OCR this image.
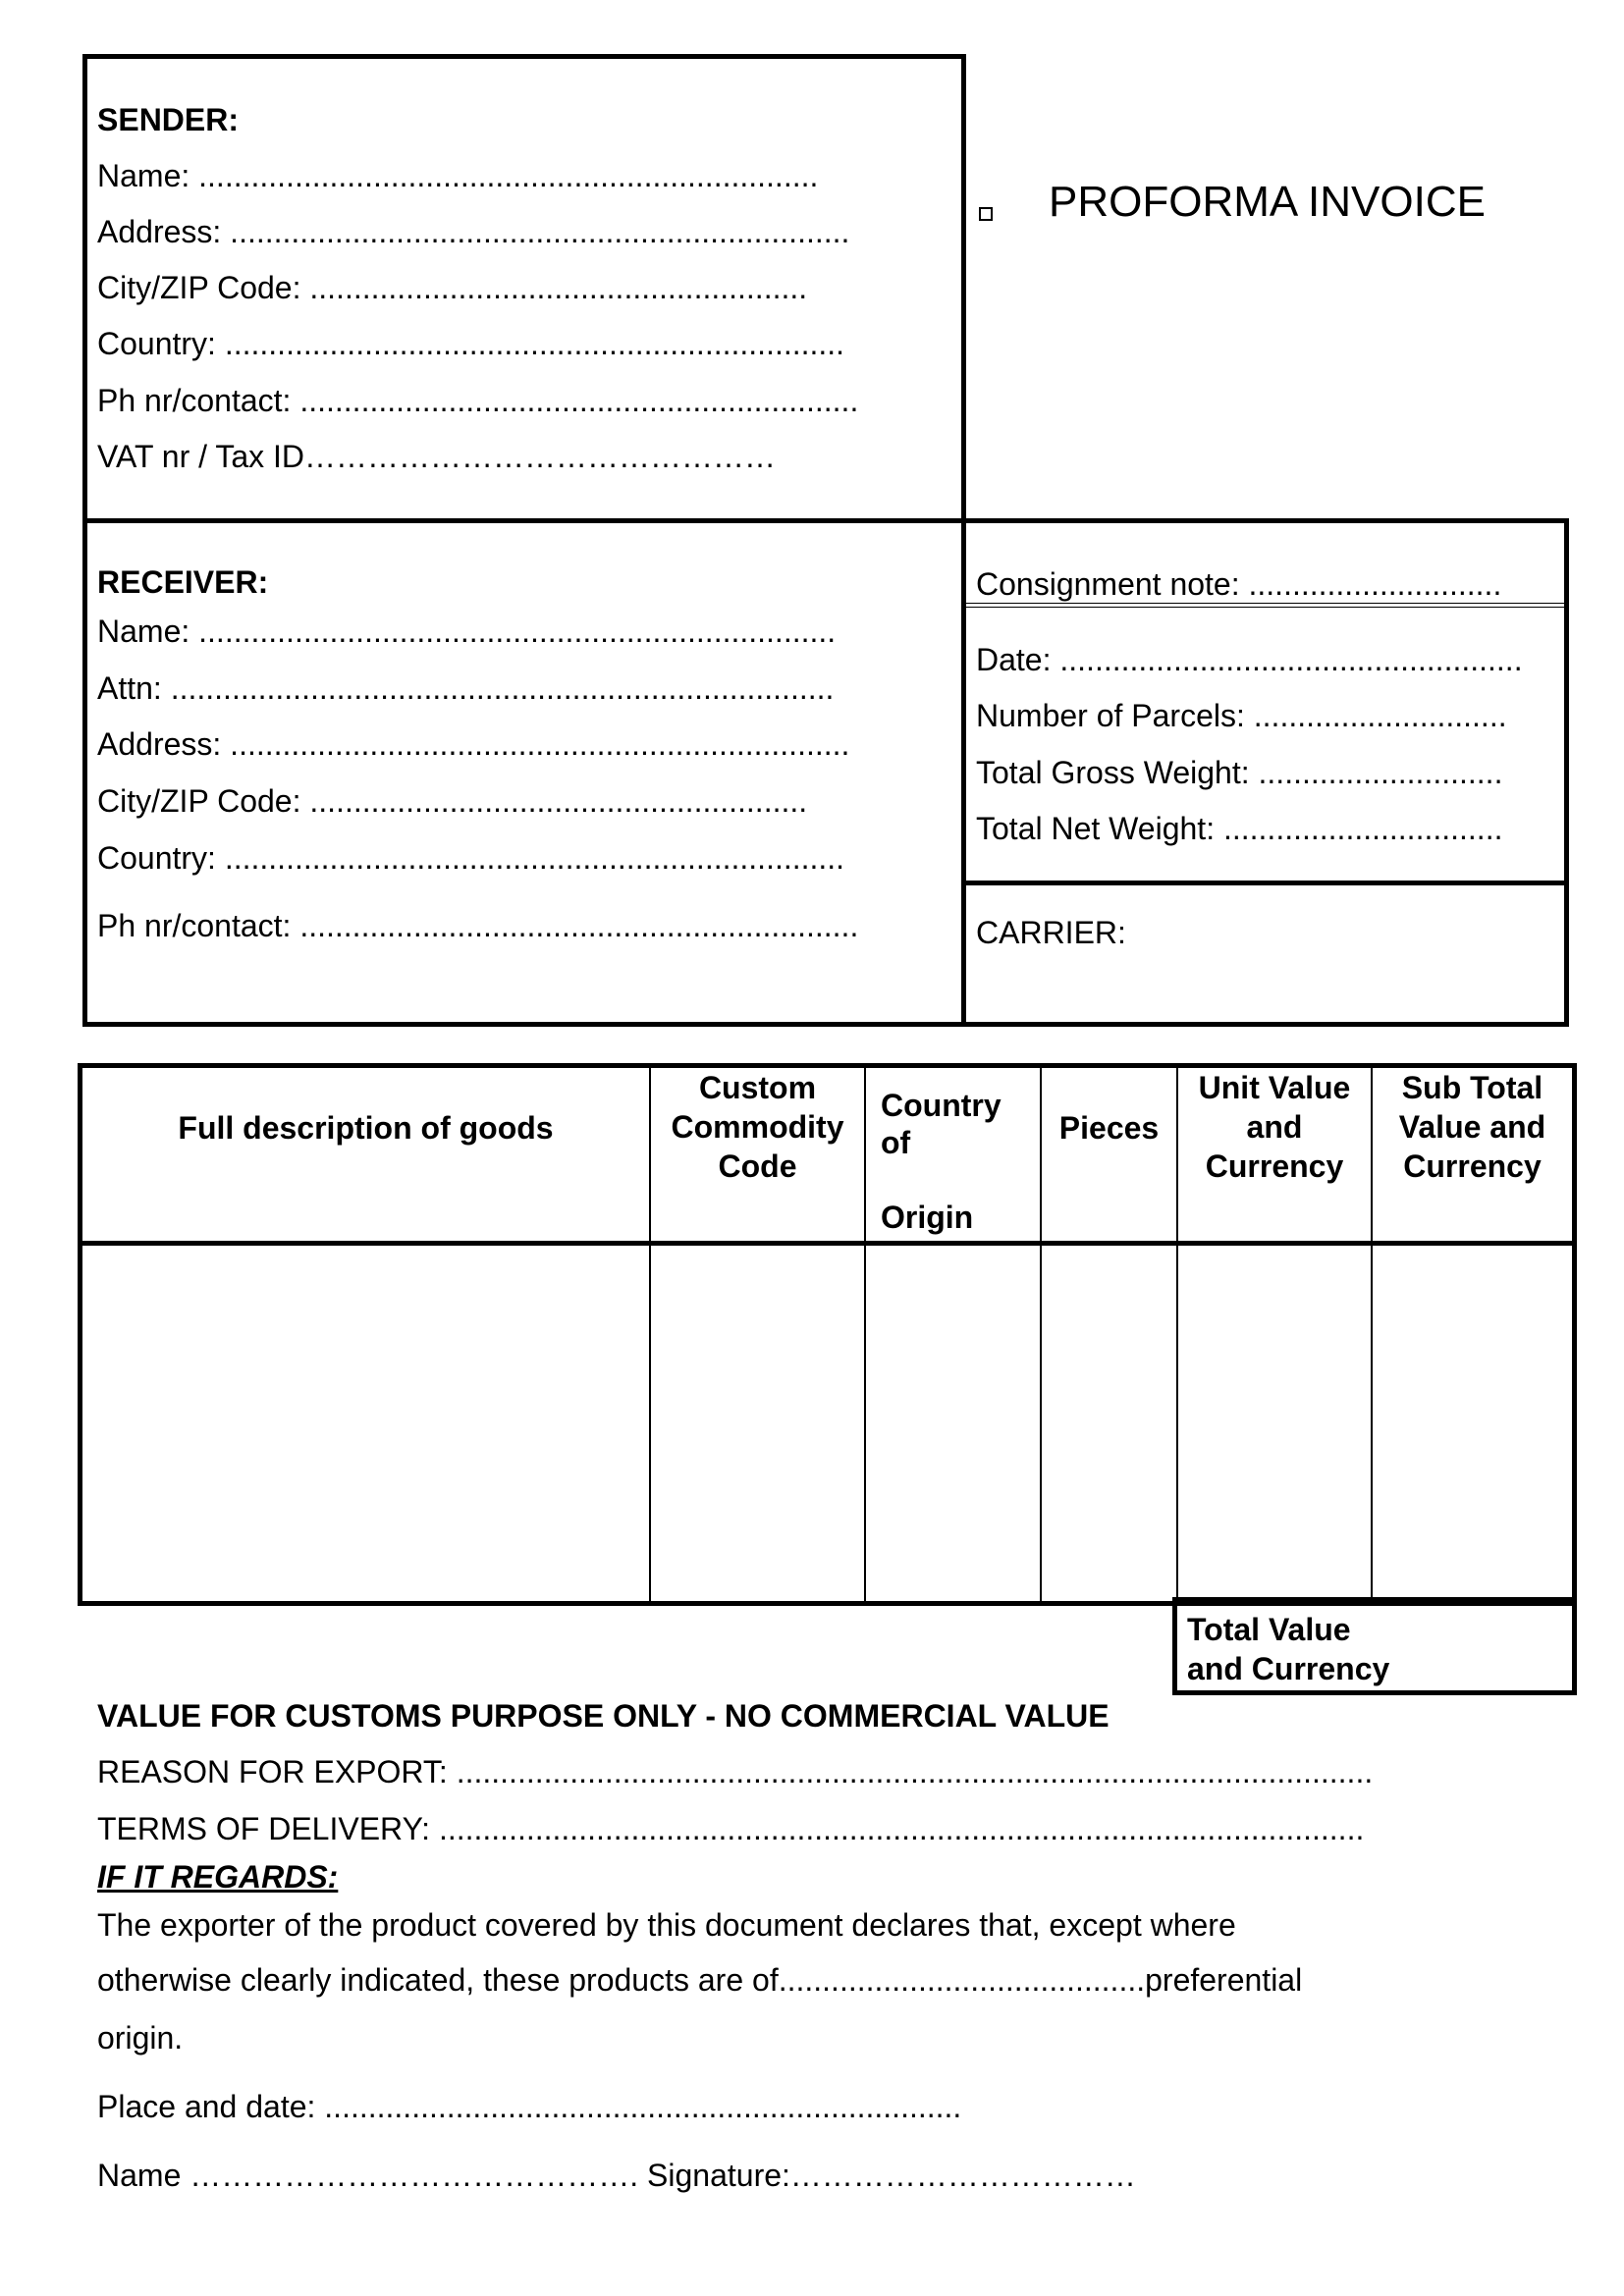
SENDER:
Name: .......................................................................
Address: .......................................................................
City/ZIP Code: .........................................................
Country: .......................................................................
Ph nr/contact: ................................................................
VAT nr / Tax ID………………………………………
PROFORMA INVOICE
RECEIVER:
Name: .........................................................................
Attn: ............................................................................
Address: .......................................................................
City/ZIP Code: .........................................................
Country: .......................................................................
Ph nr/contact: ................................................................
Consignment note: .............................
Date: .....................................................
Number of Parcels: .............................
Total Gross Weight: ............................
Total Net Weight: ................................
CARRIER:
Full description of goods
Custom
Commodity
Code
Country
of

Origin
Pieces
Unit Value
and
Currency
Sub Total
Value and
Currency
Total Value
and Currency
VALUE FOR CUSTOMS PURPOSE ONLY - NO COMMERCIAL VALUE
REASON FOR EXPORT: .........................................................................................................
TERMS OF DELIVERY: ..........................................................................................................
IF IT REGARDS:
The exporter of the product covered by this document declares that, except where
otherwise clearly indicated, these products are of..........................................preferential
origin.
Place and date: .........................................................................
Name ……………………………………. Signature:……………………………
